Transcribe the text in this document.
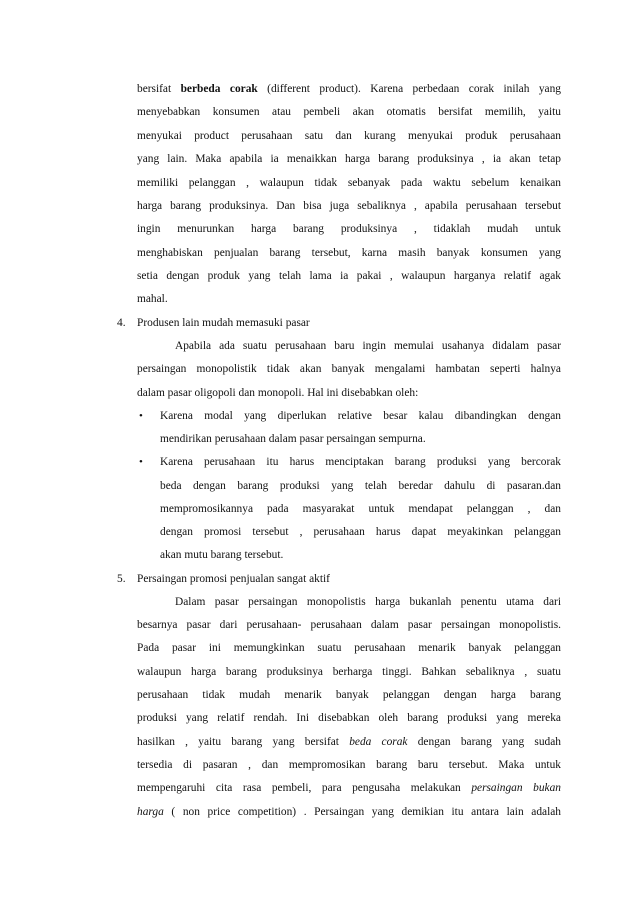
bersifat berbeda corak (different product). Karena perbedaan corak inilah yang
menyebabkan konsumen atau pembeli akan otomatis bersifat memilih, yaitu
menyukai product perusahaan satu dan kurang menyukai produk perusahaan
yang lain. Maka apabila ia menaikkan harga barang produksinya , ia akan tetap
memiliki pelanggan , walaupun tidak sebanyak pada waktu sebelum kenaikan
harga barang produksinya. Dan bisa juga sebaliknya , apabila perusahaan tersebut
ingin menurunkan harga barang produksinya , tidaklah mudah untuk
menghabiskan penjualan barang tersebut, karna masih banyak konsumen yang
setia dengan produk yang telah lama ia pakai , walaupun harganya relatif agak
mahal.
4. Produsen lain mudah memasuki pasar
Apabila ada suatu perusahaan baru ingin memulai usahanya didalam pasar
persaingan monopolistik tidak akan banyak mengalami hambatan seperti halnya
dalam pasar oligopoli dan monopoli. Hal ini disebabkan oleh:
• Karena modal yang diperlukan relative besar kalau dibandingkan dengan
mendirikan perusahaan dalam pasar persaingan sempurna.
• Karena perusahaan itu harus menciptakan barang produksi yang bercorak
beda dengan barang produksi yang telah beredar dahulu di pasaran.dan
mempromosikannya pada masyarakat untuk mendapat pelanggan , dan
dengan promosi tersebut , perusahaan harus dapat meyakinkan pelanggan
akan mutu barang tersebut.
5. Persaingan promosi penjualan sangat aktif
Dalam pasar persaingan monopolistis harga bukanlah penentu utama dari
besarnya pasar dari perusahaan- perusahaan dalam pasar persaingan monopolistis.
Pada pasar ini memungkinkan suatu perusahaan menarik banyak pelanggan
walaupun harga barang produksinya berharga tinggi. Bahkan sebaliknya , suatu
perusahaan tidak mudah menarik banyak pelanggan dengan harga barang
produksi yang relatif rendah. Ini disebabkan oleh barang produksi yang mereka
hasilkan , yaitu barang yang bersifat beda corak dengan barang yang sudah
tersedia di pasaran , dan mempromosikan barang baru tersebut. Maka untuk
mempengaruhi cita rasa pembeli, para pengusaha melakukan persaingan bukan
harga ( non price competition) . Persaingan yang demikian itu antara lain adalah
